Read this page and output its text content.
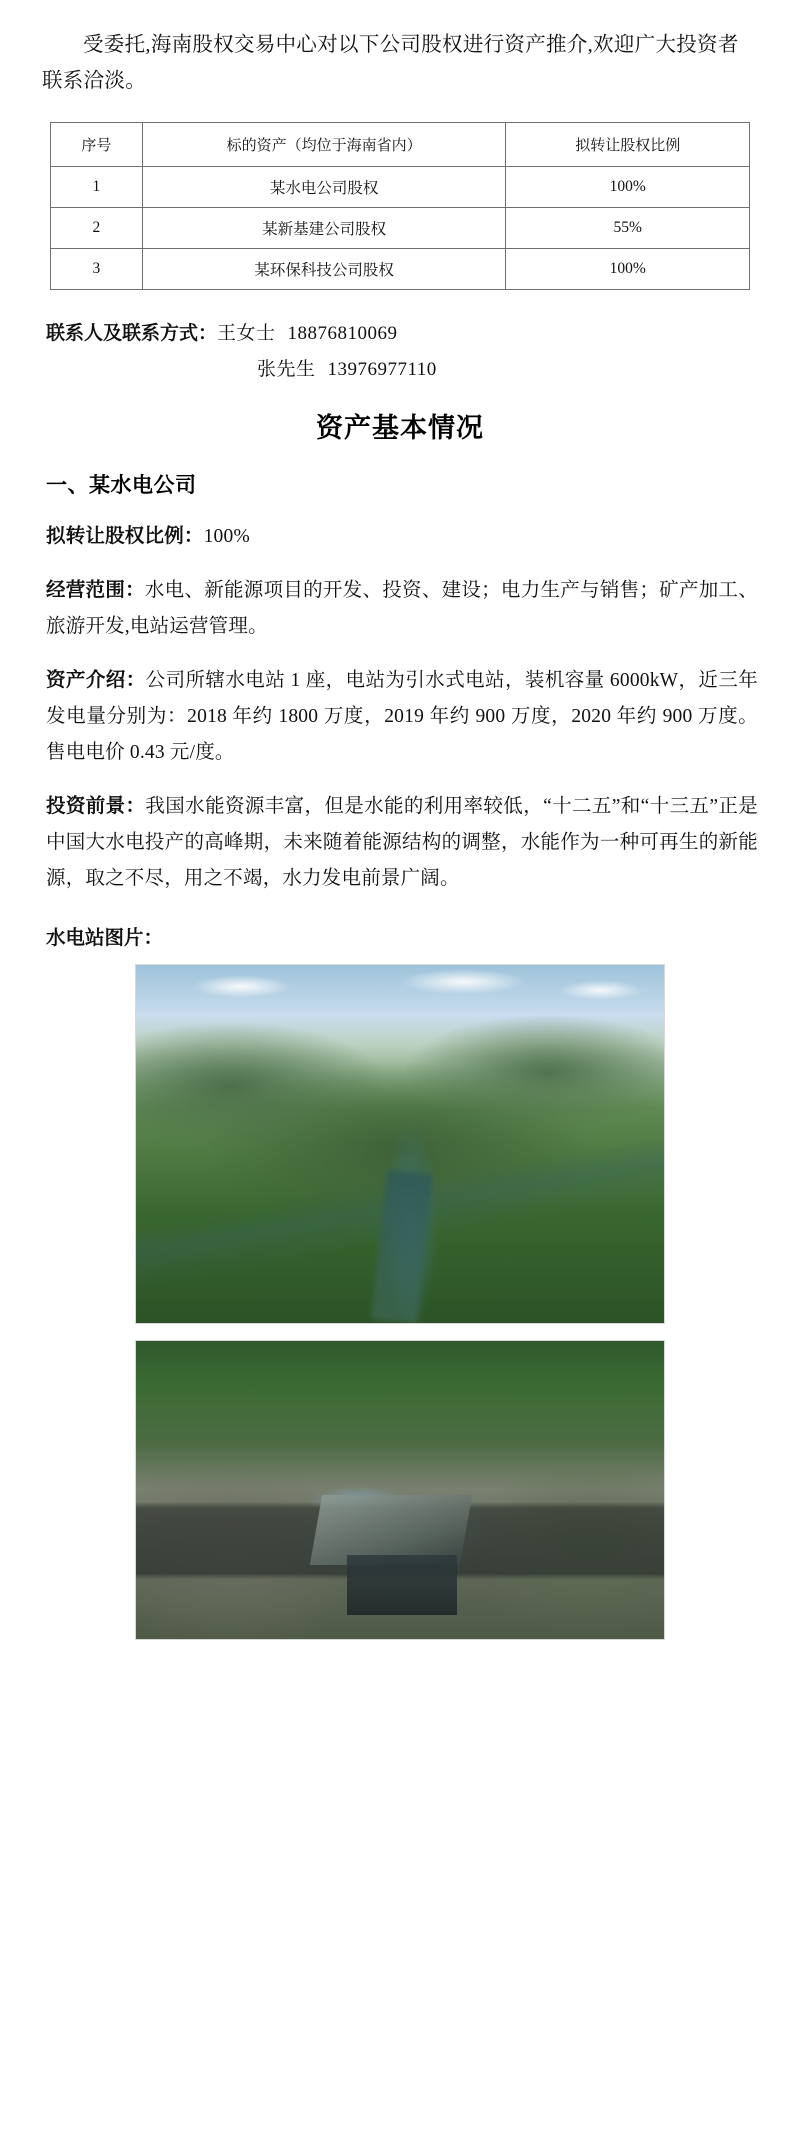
受委托,海南股权交易中心对以下公司股权进行资产推介,欢迎广大投资者联系洽淡。

序号	标的资产（均位于海南省内）	拟转让股权比例
1	某水电公司股权	100%
2	某新基建公司股权	55%
3	某环保科技公司股权	100%
联系人及联系方式：王女士 18876810069
张先生 13976977110
资产基本情况
一、某水电公司

拟转让股权比例：100%

经营范围：水电、新能源项目的开发、投资、建设；电力生产与销售；矿产加工、旅游开发,电站运营管理。

资产介绍：公司所辖水电站 1 座，电站为引水式电站，装机容量 6000kW，近三年发电量分别为：2018 年约 1800 万度，2019 年约 900 万度，2020 年约 900 万度。售电电价 0.43 元/度。

投资前景：我国水能资源丰富，但是水能的利用率较低，“十二五”和“十三五”正是中国大水电投产的高峰期，未来随着能源结构的调整，水能作为一种可再生的新能源，取之不尽，用之不竭，水力发电前景广阔。

水电站图片：
